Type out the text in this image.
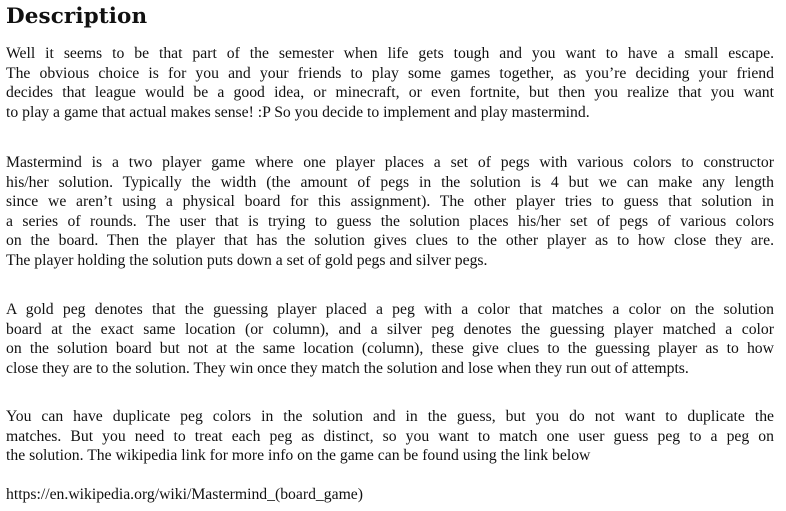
Description

Well it seems to be that part of the semester when life gets tough and you want to have a small escape.
The obvious choice is for you and your friends to play some games together, as you’re deciding your friend
decides that league would be a good idea, or minecraft, or even fortnite, but then you realize that you want
to play a game that actual makes sense! :P So you decide to implement and play mastermind.

Mastermind is a two player game where one player places a set of pegs with various colors to constructor
his/her solution. Typically the width (the amount of pegs in the solution is 4 but we can make any length
since we aren’t using a physical board for this assignment). The other player tries to guess that solution in
a series of rounds. The user that is trying to guess the solution places his/her set of pegs of various colors
on the board. Then the player that has the solution gives clues to the other player as to how close they are.
The player holding the solution puts down a set of gold pegs and silver pegs.

A gold peg denotes that the guessing player placed a peg with a color that matches a color on the solution
board at the exact same location (or column), and a silver peg denotes the guessing player matched a color
on the solution board but not at the same location (column), these give clues to the guessing player as to how
close they are to the solution. They win once they match the solution and lose when they run out of attempts.

You can have duplicate peg colors in the solution and in the guess, but you do not want to duplicate the
matches. But you need to treat each peg as distinct, so you want to match one user guess peg to a peg on
the solution. The wikipedia link for more info on the game can be found using the link below

https://en.wikipedia.org/wiki/Mastermind_(board_game)
